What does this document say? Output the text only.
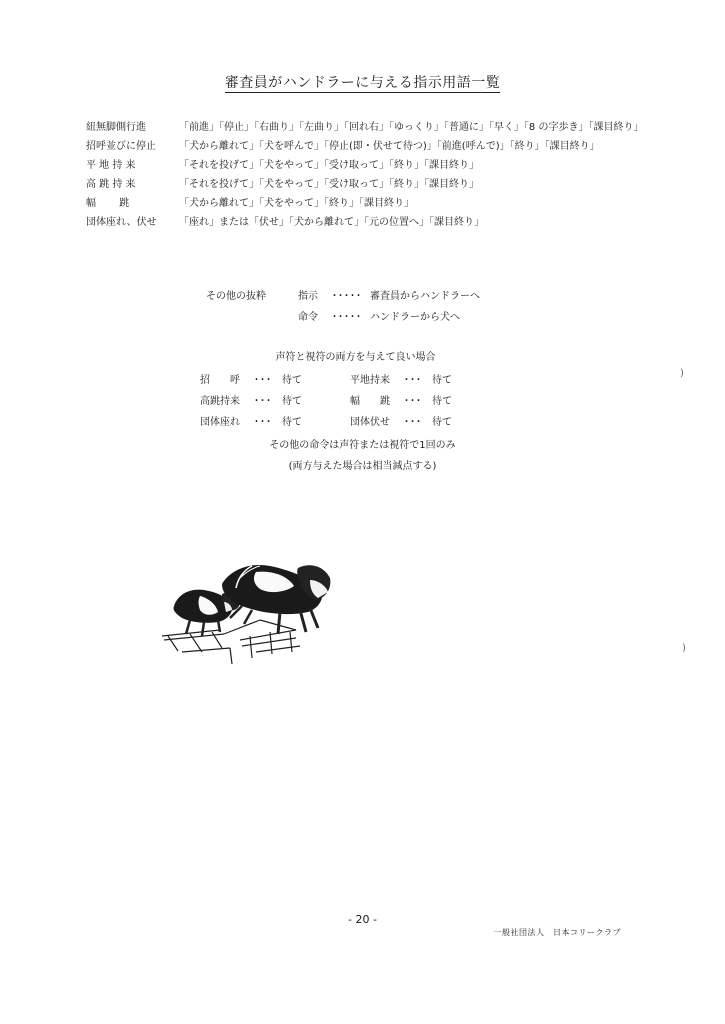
審査員がハンドラーに与える指示用語一覧
紐無脚側行進	「前進」「停止」「右曲り」「左曲り」「回れ右」「ゆっくり」「普通に」「早く」「8 の字歩き」「課目終り」
招呼並びに停止	「犬から離れて」「犬を呼んで」「停止(即・伏せて待つ)」「前進(呼んで)」「終り」「課目終り」
平 地 持 来	「それを投げて」「犬をやって」「受け取って」「終り」「課目終り」
高 跳 持 来	「それを投げて」「犬をやって」「受け取って」「終り」「課目終り」
幅　　 跳	「犬から離れて」「犬をやって」「終り」「課目終り」
団体座れ、伏せ	「座れ」または「伏せ」「犬から離れて」「元の位置へ」「課目終り」
その他の抜粋	指示	･････ 審査員からハンドラーへ
命令	･････ ハンドラーから犬へ
声符と視符の両方を与えて良い場合
招　　呼	･･･	待て	平地持来	･･･	待て
高跳持来	･･･	待て	幅　　跳	･･･	待て
団体座れ	･･･	待て	団体伏せ	･･･	待て
その他の命令は声符または視符で1回のみ
(両方与えた場合は相当減点する)
- 20 -
一般社団法人　日本コリークラブ
)
)
